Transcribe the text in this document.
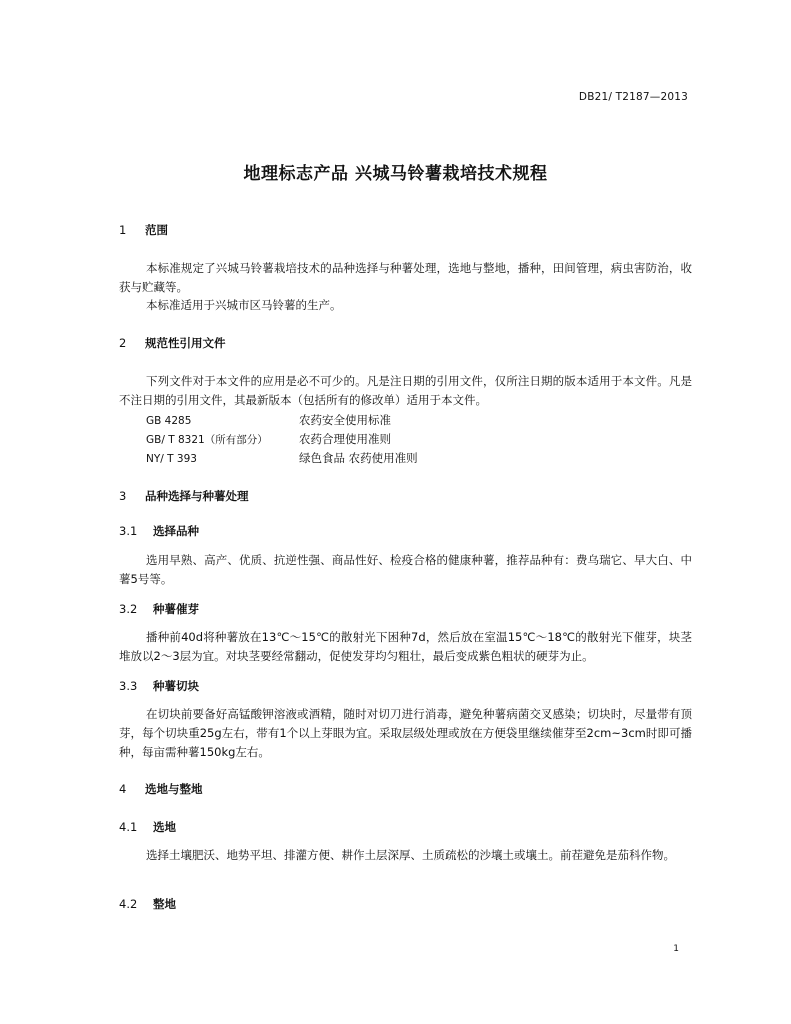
DB21/ T2187—2013
地理标志产品 兴城马铃薯栽培技术规程
1 范围
本标准规定了兴城马铃薯栽培技术的品种选择与种薯处理，选地与整地，播种，田间管理，病虫害防治，收获与贮藏等。
本标准适用于兴城市区马铃薯的生产。
2 规范性引用文件
下列文件对于本文件的应用是必不可少的。凡是注日期的引用文件，仅所注日期的版本适用于本文件。凡是不注日期的引用文件，其最新版本（包括所有的修改单）适用于本文件。
GB 4285	农药安全使用标准
GB/ T 8321（所有部分）	农药合理使用准则
NY/ T 393	绿色食品 农药使用准则
3 品种选择与种薯处理
3.1 选择品种
选用早熟、高产、优质、抗逆性强、商品性好、检疫合格的健康种薯，推荐品种有：费乌瑞它、早大白、中薯5号等。
3.2 种薯催芽
播种前40d将种薯放在13℃～15℃的散射光下困种7d，然后放在室温15℃～18℃的散射光下催芽，块茎堆放以2～3层为宜。对块茎要经常翻动，促使发芽均匀粗壮，最后变成紫色粗状的硬芽为止。
3.3 种薯切块
在切块前要备好高锰酸钾溶液或酒精，随时对切刀进行消毒，避免种薯病菌交叉感染；切块时，尽量带有顶芽，每个切块重25g左右，带有1个以上芽眼为宜。采取层级处理或放在方便袋里继续催芽至2cm~3cm时即可播种，每亩需种薯150kg左右。
4 选地与整地
4.1 选地
选择土壤肥沃、地势平坦、排灌方便、耕作土层深厚、土质疏松的沙壤土或壤土。前茬避免是茄科作物。
4.2 整地
1
